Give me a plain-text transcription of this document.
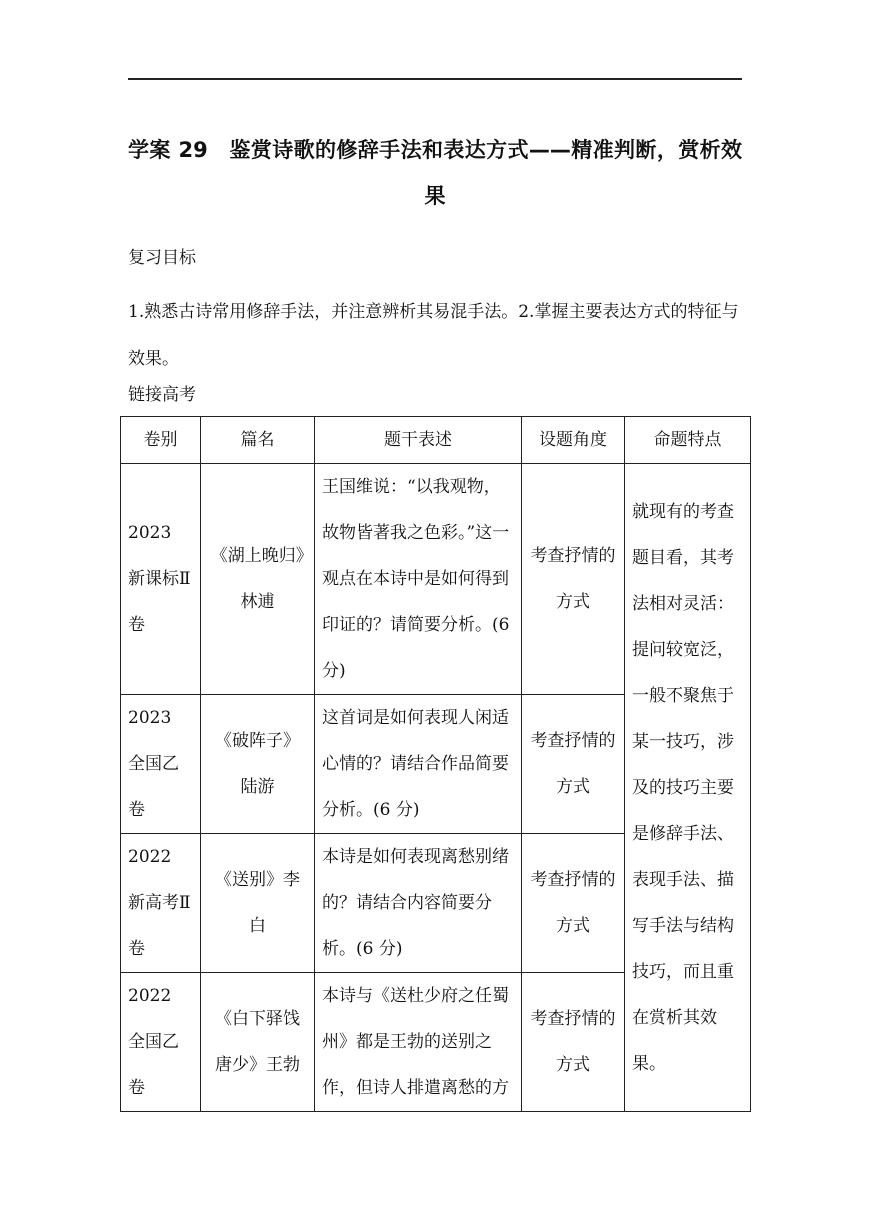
学案 29　鉴赏诗歌的修辞手法和表达方式——精准判断，赏析效
果
复习目标

1.熟悉古诗常用修辞手法，并注意辨析其易混手法。2.掌握主要表达方式的特征与效果。

链接高考
卷别	篇名	题干表述	设题角度	命题特点
2023 新课标Ⅱ卷	《湖上晚归》林逋	王国维说：“以我观物，故物皆著我之色彩。”这一观点在本诗中是如何得到印证的？请简要分析。(6 分)	考查抒情的方式	就现有的考查题目看，其考法相对灵活：提问较宽泛，一般不聚焦于某一技巧，涉及的技巧主要是修辞手法、表现手法、描写手法与结构技巧，而且重在赏析其效果。
2023 全国乙卷	《破阵子》陆游	这首词是如何表现人闲适心情的？请结合作品简要分析。(6 分)	考查抒情的方式	
2022 新高考Ⅱ卷	《送别》李白	本诗是如何表现离愁别绪的？请结合内容简要分析。(6 分)	考查抒情的方式	
2022 全国乙卷	《白下驿饯唐少》王勃	本诗与《送杜少府之任蜀州》都是王勃的送别之作，但诗人排遣离愁的方	考查抒情的方式	
